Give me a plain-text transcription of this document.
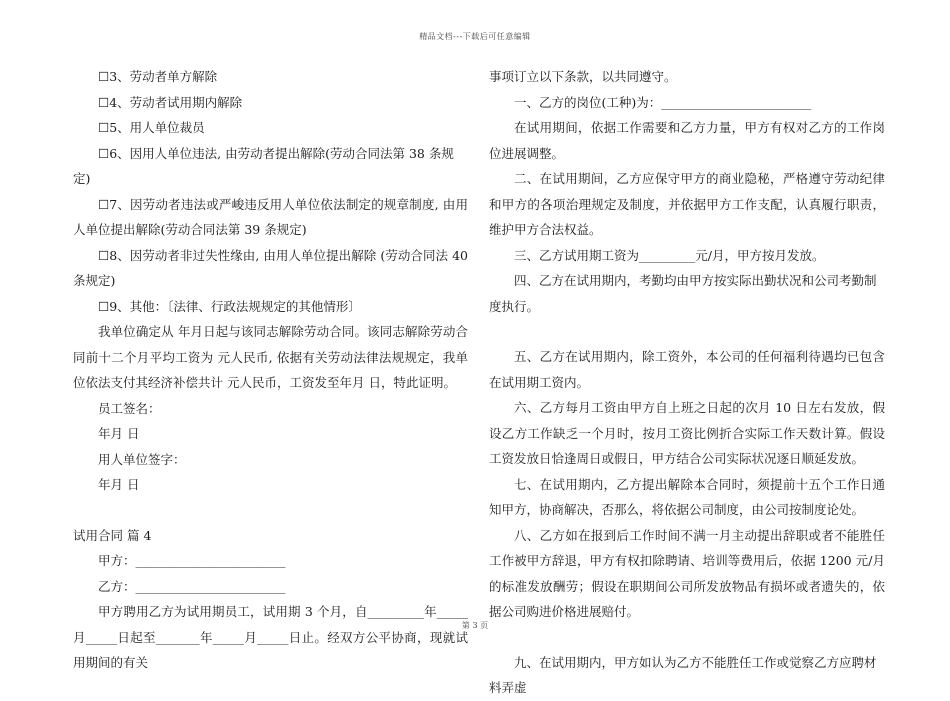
精品文档---下载后可任意编辑

☐3、劳动者单方解除

☐4、劳动者试用期内解除

☐5、用人单位裁员

☐6、因用人单位违法, 由劳动者提出解除(劳动合同法第 38 条规定)

☐7、因劳动者违法或严峻违反用人单位依法制定的规章制度, 由用人单位提出解除(劳动合同法第 39 条规定)

☐8、因劳动者非过失性缘由, 由用人单位提出解除 (劳动合同法 40 条规定)

☐9、其他：〔法律、行政法规规定的其他情形〕

我单位确定从 年月日起与该同志解除劳动合同。该同志解除劳动合同前十二个月平均工资为 元人民币, 依据有关劳动法律法规规定，我单位依法支付其经济补偿共计 元人民币，工资发至年月 日，特此证明。

员工签名：

年月 日

用人单位签字：

年月 日

试用合同 篇 4

甲方：________________________

乙方：________________________

甲方聘用乙方为试用期员工，试用期 3 个月，自_________年_____月_____日起至_______年_____月_____日止。经双方公平协商，现就试用期间的有关

事项订立以下条款，以共同遵守。

一、乙方的岗位(工种)为：________________________

在试用期间，依据工作需要和乙方力量，甲方有权对乙方的工作岗位进展调整。

二、在试用期间，乙方应保守甲方的商业隐秘，严格遵守劳动纪律和甲方的各项治理规定及制度，并依据甲方工作支配，认真履行职责，维护甲方合法权益。

三、乙方试用期工资为_________元/月，甲方按月发放。

四、乙方在试用期内，考勤均由甲方按实际出勤状况和公司考勤制度执行。

五、乙方在试用期内，除工资外，本公司的任何福利待遇均已包含在试用期工资内。

六、乙方每月工资由甲方自上班之日起的次月 10 日左右发放，假设乙方工作缺乏一个月时，按月工资比例折合实际工作天数计算。假设工资发放日恰逢周日或假日，甲方结合公司实际状况逐日顺延发放。

七、在试用期内，乙方提出解除本合同时，须提前十五个工作日通知甲方，协商解决，否那么，将依据公司制度，由公司按制度论处。

八、乙方如在报到后工作时间不满一月主动提出辞职或者不能胜任工作被甲方辞退，甲方有权扣除聘请、培训等费用后，依据 1200 元/月的标准发放酬劳；假设在职期间公司所发放物品有损坏或者遗失的，依据公司购进价格进展赔付。

九、在试用期内，甲方如认为乙方不能胜任工作或觉察乙方应聘材料弄虚

第 3 页
